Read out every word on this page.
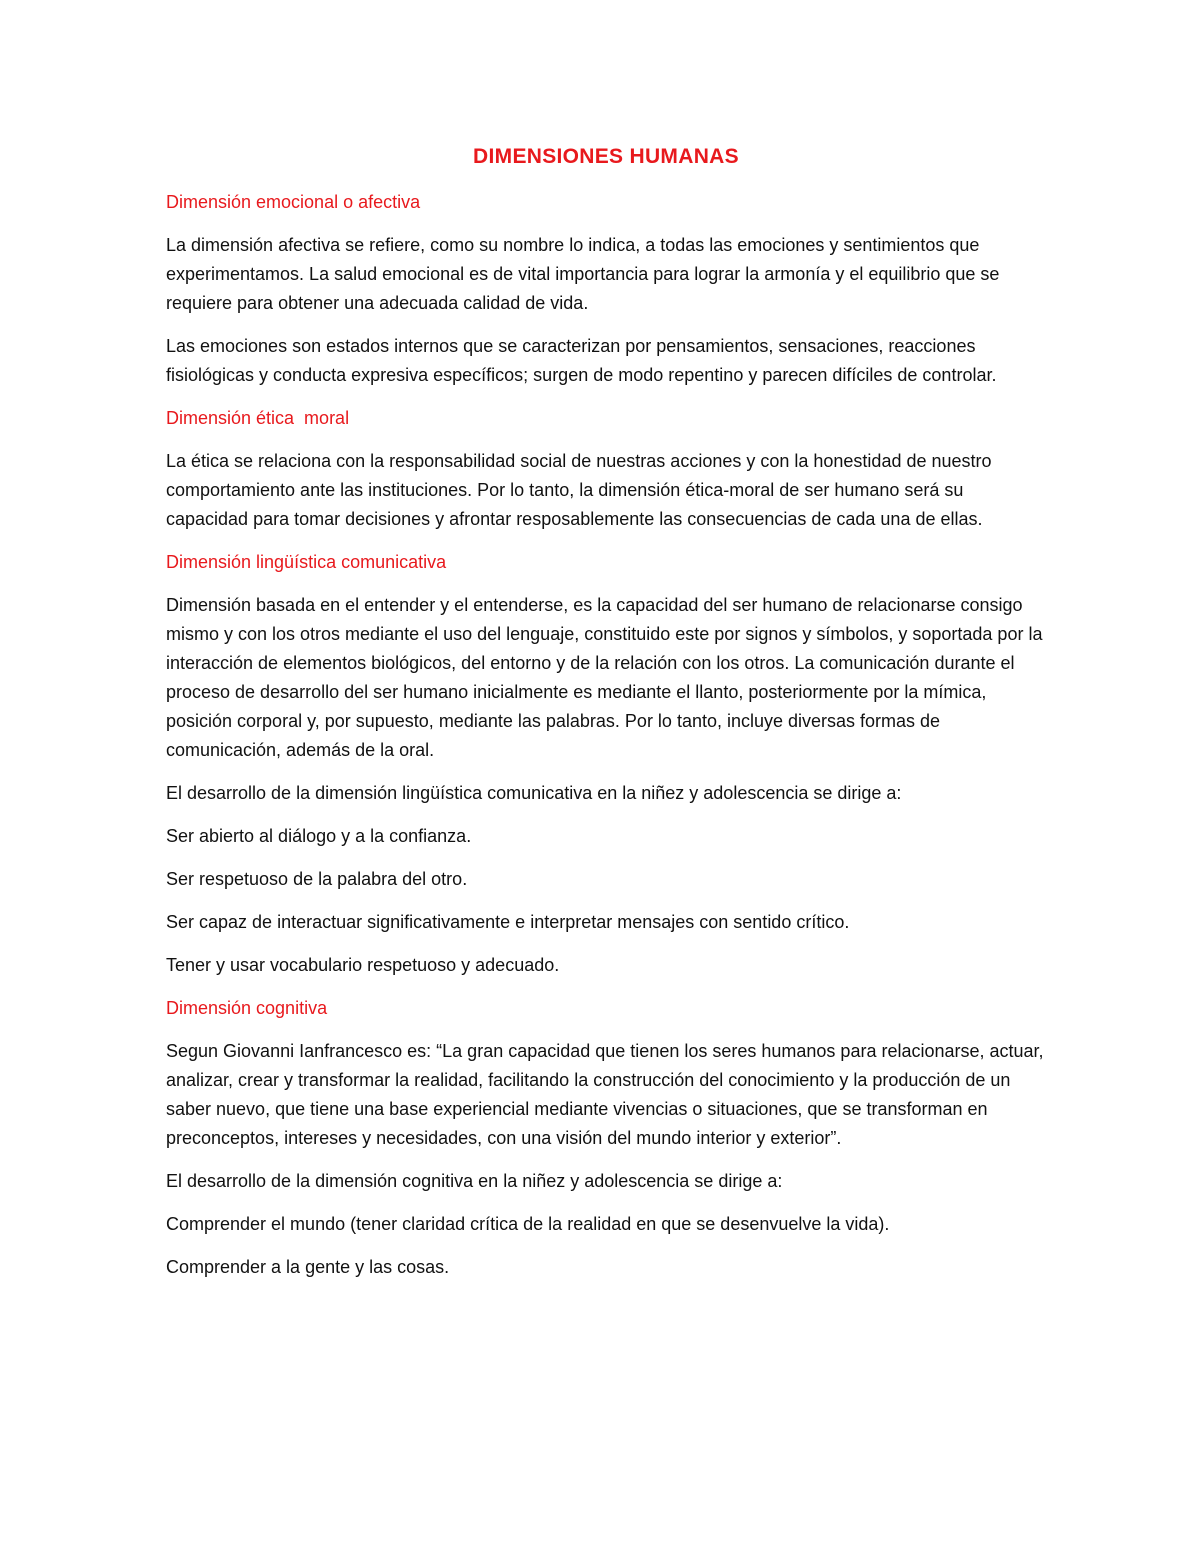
DIMENSIONES HUMANAS

Dimensión emocional o afectiva

La dimensión afectiva se refiere, como su nombre lo indica, a todas las emociones y sentimientos que experimentamos. La salud emocional es de vital importancia para lograr la armonía y el equilibrio que se requiere para obtener una adecuada calidad de vida.

Las emociones son estados internos que se caracterizan por pensamientos, sensaciones, reacciones fisiológicas y conducta expresiva específicos; surgen de modo repentino y parecen difíciles de controlar.

Dimensión ética  moral

La ética se relaciona con la responsabilidad social de nuestras acciones y con la honestidad de nuestro comportamiento ante las instituciones. Por lo tanto, la dimensión ética-moral de ser humano será su capacidad para tomar decisiones y afrontar resposablemente las consecuencias de cada una de ellas.

Dimensión lingüística comunicativa

Dimensión basada en el entender y el entenderse, es la capacidad del ser humano de relacionarse consigo mismo y con los otros mediante el uso del lenguaje, constituido este por signos y símbolos, y soportada por la interacción de elementos biológicos, del entorno y de la relación con los otros. La comunicación durante el proceso de desarrollo del ser humano inicialmente es mediante el llanto, posteriormente por la mímica, posición corporal y, por supuesto, mediante las palabras. Por lo tanto, incluye diversas formas de comunicación, además de la oral.

El desarrollo de la dimensión lingüística comunicativa en la niñez y adolescencia se dirige a:

Ser abierto al diálogo y a la confianza.

Ser respetuoso de la palabra del otro.

Ser capaz de interactuar significativamente e interpretar mensajes con sentido crítico.

Tener y usar vocabulario respetuoso y adecuado.

Dimensión cognitiva

Segun Giovanni Ianfrancesco es: “La gran capacidad que tienen los seres humanos para relacionarse, actuar, analizar, crear y transformar la realidad, facilitando la construcción del conocimiento y la producción de un saber nuevo, que tiene una base experiencial mediante vivencias o situaciones, que se transforman en preconceptos, intereses y necesidades, con una visión del mundo interior y exterior”.

El desarrollo de la dimensión cognitiva en la niñez y adolescencia se dirige a:

Comprender el mundo (tener claridad crítica de la realidad en que se desenvuelve la vida).

Comprender a la gente y las cosas.
